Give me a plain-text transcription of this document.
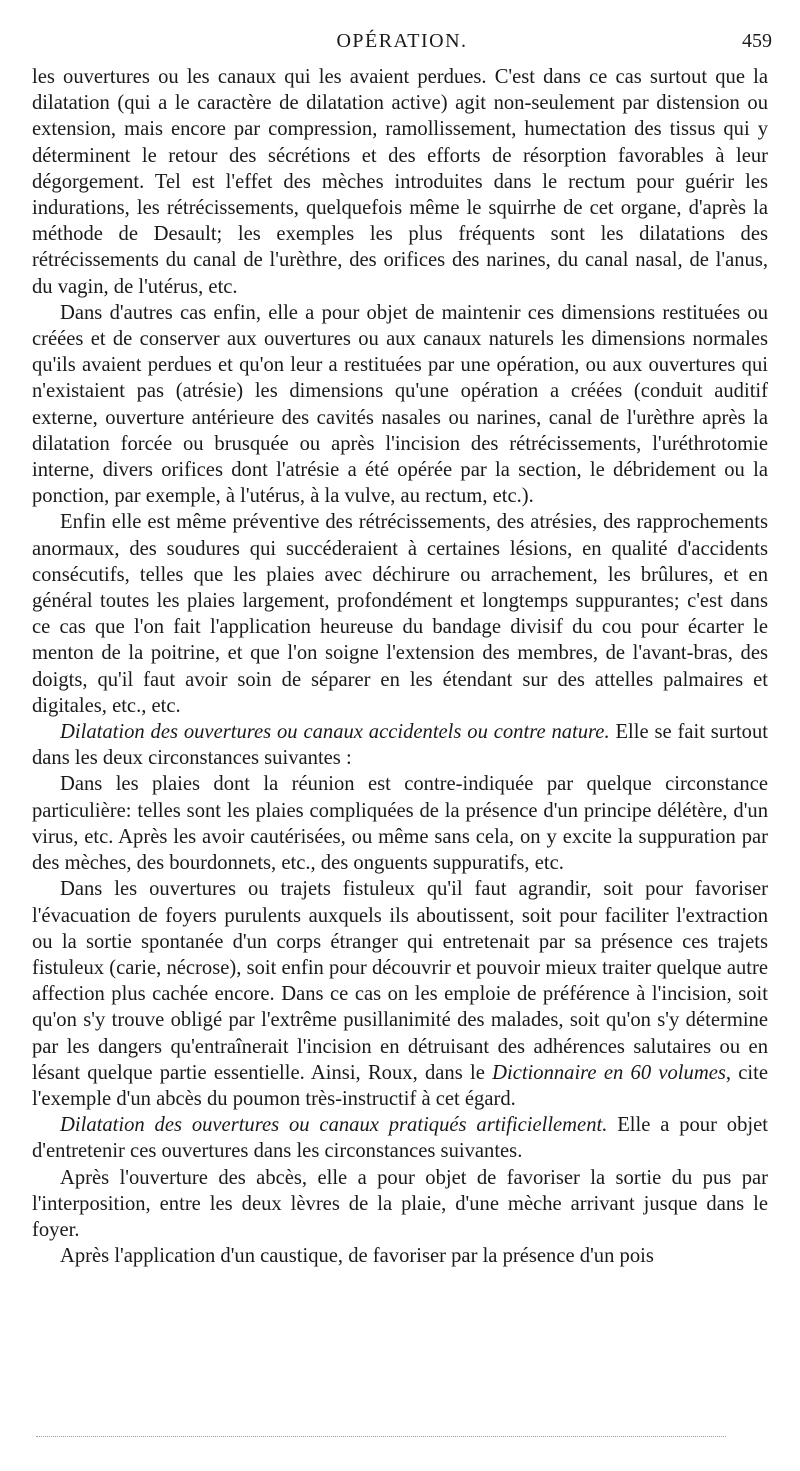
OPÉRATION.	459

les ouvertures ou les canaux qui les avaient perdues. C'est dans ce cas surtout que la dilatation (qui a le caractère de dilatation active) agit non-seulement par distension ou extension, mais encore par compression, ramollissement, humectation des tissus qui y déterminent le retour des sécrétions et des efforts de résorption favorables à leur dégorgement. Tel est l'effet des mèches introduites dans le rectum pour guérir les indurations, les rétrécissements, quelquefois même le squirrhe de cet organe, d'après la méthode de Desault; les exemples les plus fréquents sont les dilatations des rétrécissements du canal de l'urèthre, des orifices des narines, du canal nasal, de l'anus, du vagin, de l'utérus, etc.

Dans d'autres cas enfin, elle a pour objet de maintenir ces dimensions restituées ou créées et de conserver aux ouvertures ou aux canaux naturels les dimensions normales qu'ils avaient perdues et qu'on leur a restituées par une opération, ou aux ouvertures qui n'existaient pas (atrésie) les dimensions qu'une opération a créées (conduit auditif externe, ouverture antérieure des cavités nasales ou narines, canal de l'urèthre après la dilatation forcée ou brusquée ou après l'incision des rétrécissements, l'uréthrotomie interne, divers orifices dont l'atrésie a été opérée par la section, le débridement ou la ponction, par exemple, à l'utérus, à la vulve, au rectum, etc.).

Enfin elle est même préventive des rétrécissements, des atrésies, des rapprochements anormaux, des soudures qui succéderaient à certaines lésions, en qualité d'accidents consécutifs, telles que les plaies avec déchirure ou arrachement, les brûlures, et en général toutes les plaies largement, profondément et longtemps suppurantes; c'est dans ce cas que l'on fait l'application heureuse du bandage divisif du cou pour écarter le menton de la poitrine, et que l'on soigne l'extension des membres, de l'avant-bras, des doigts, qu'il faut avoir soin de séparer en les étendant sur des attelles palmaires et digitales, etc., etc.

Dilatation des ouvertures ou canaux accidentels ou contre nature. Elle se fait surtout dans les deux circonstances suivantes :

Dans les plaies dont la réunion est contre-indiquée par quelque circonstance particulière: telles sont les plaies compliquées de la présence d'un principe délétère, d'un virus, etc. Après les avoir cautérisées, ou même sans cela, on y excite la suppuration par des mèches, des bourdonnets, etc., des onguents suppuratifs, etc.

Dans les ouvertures ou trajets fistuleux qu'il faut agrandir, soit pour favoriser l'évacuation de foyers purulents auxquels ils aboutissent, soit pour faciliter l'extraction ou la sortie spontanée d'un corps étranger qui entretenait par sa présence ces trajets fistuleux (carie, nécrose), soit enfin pour découvrir et pouvoir mieux traiter quelque autre affection plus cachée encore. Dans ce cas on les emploie de préférence à l'incision, soit qu'on s'y trouve obligé par l'extrême pusillanimité des malades, soit qu'on s'y détermine par les dangers qu'entraînerait l'incision en détruisant des adhérences salutaires ou en lésant quelque partie essentielle. Ainsi, Roux, dans le Dictionnaire en 60 volumes, cite l'exemple d'un abcès du poumon très-instructif à cet égard.

Dilatation des ouvertures ou canaux pratiqués artificiellement. Elle a pour objet d'entretenir ces ouvertures dans les circonstances suivantes.

Après l'ouverture des abcès, elle a pour objet de favoriser la sortie du pus par l'interposition, entre les deux lèvres de la plaie, d'une mèche arrivant jusque dans le foyer.

Après l'application d'un caustique, de favoriser par la présence d'un pois
